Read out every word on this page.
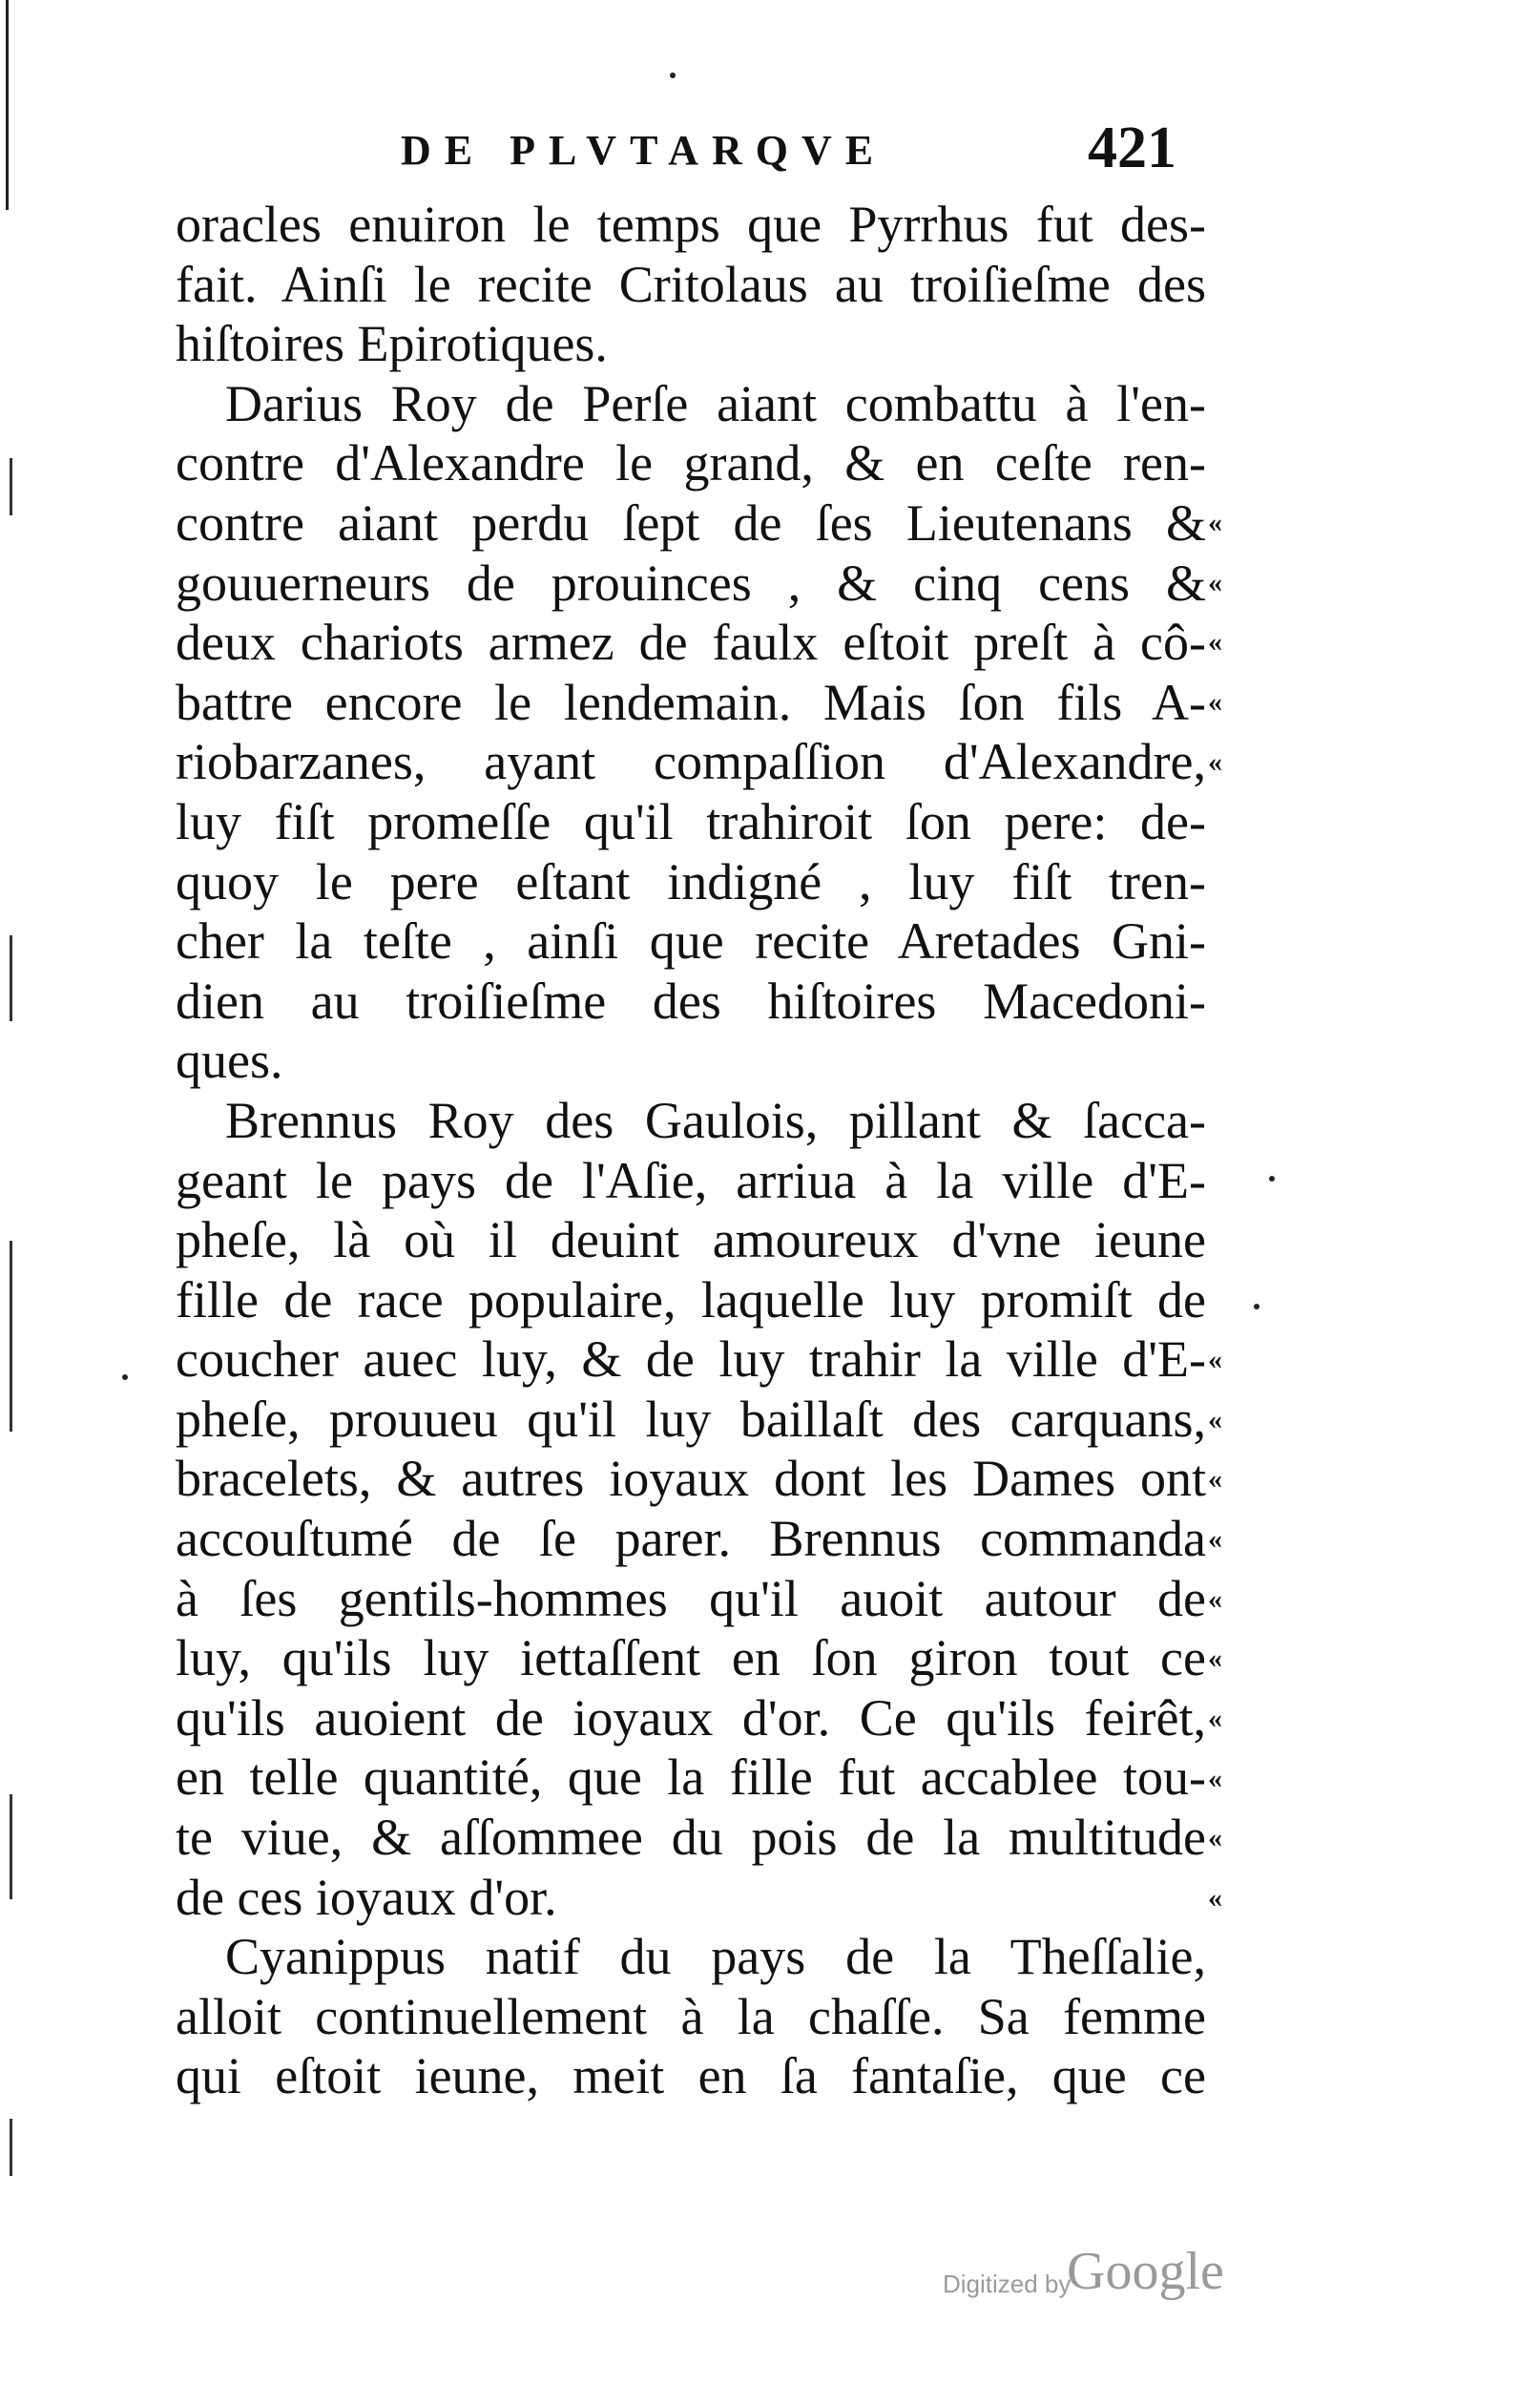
DE PLVTARQVE	421
oracles enuiron le temps que Pyrrhus fut des-
fait. Ainſi le recite Critolaus au troiſieſme des
hiſtoires Epirotiques.
Darius Roy de Perſe aiant combattu à l'en-
contre d'Alexandre le grand, & en ceſte ren-
contre aiant perdu ſept de ſes Lieutenans &
gouuerneurs de prouinces , & cinq cens &
deux chariots armez de faulx eſtoit preſt à cô-
battre encore le lendemain. Mais ſon fils A-
riobarzanes, ayant compaſſion d'Alexandre,
luy fiſt promeſſe qu'il trahiroit ſon pere: de-
quoy le pere eſtant indigné , luy fiſt tren-
cher la teſte , ainſi que recite Aretades Gni-
dien au troiſieſme des hiſtoires Macedoni-
ques.
Brennus Roy des Gaulois, pillant & ſacca-
geant le pays de l'Aſie, arriua à la ville d'E-
pheſe, là où il deuint amoureux d'vne ieune
fille de race populaire, laquelle luy promiſt de
coucher auec luy, & de luy trahir la ville d'E-
pheſe, prouueu qu'il luy baillaſt des carquans,
bracelets, & autres ioyaux dont les Dames ont
accouſtumé de ſe parer. Brennus commanda
à ſes gentils-hommes qu'il auoit autour de
luy, qu'ils luy iettaſſent en ſon giron tout ce
qu'ils auoient de ioyaux d'or. Ce qu'ils feirêt,
en telle quantité, que la fille fut accablee tou-
te viue, & aſſommee du pois de la multitude
de ces ioyaux d'or.
Cyanippus natif du pays de la Theſſalie,
alloit continuellement à la chaſſe. Sa femme
qui eſtoit ieune, meit en ſa fantaſie, que ce
«
«
«
«
«
«
«
«
«
«
«
«
«
«
«
Digitized by
Google
